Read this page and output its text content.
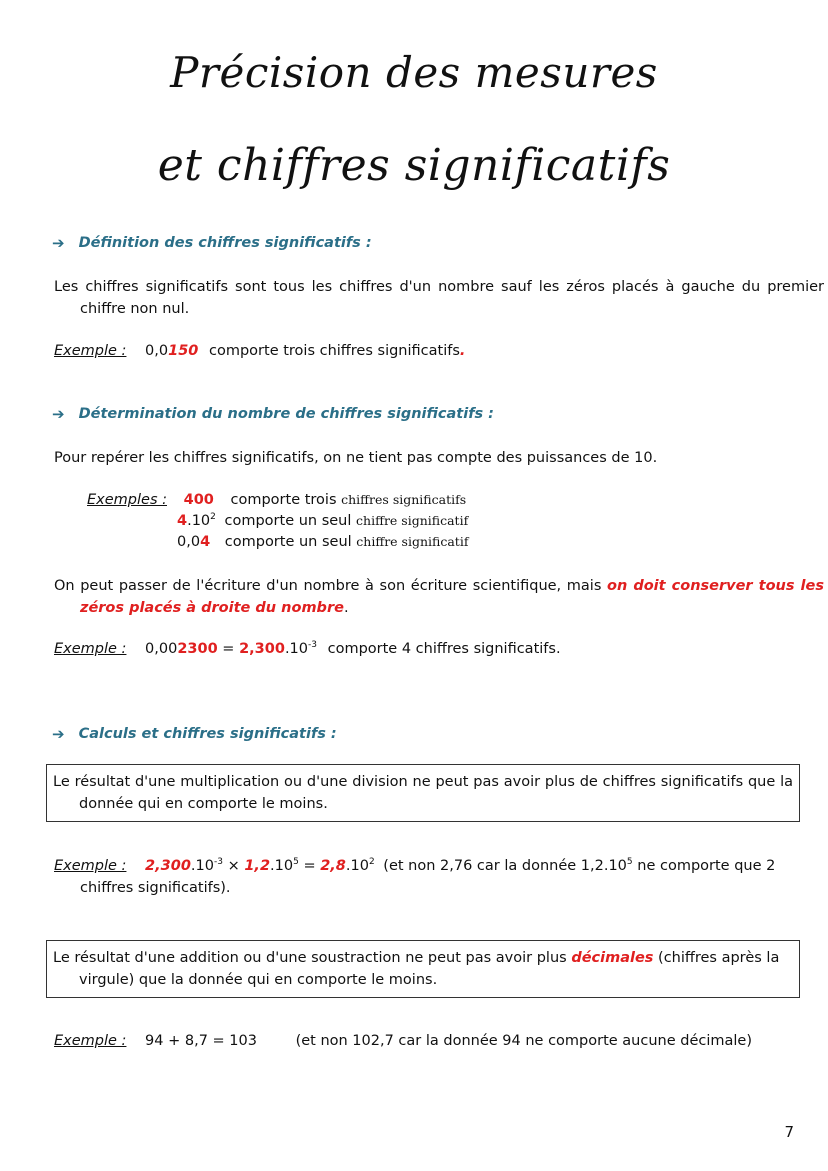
Précision des mesures
et chiffres significatifs
➔ Définition des chiffres significatifs :
Les chiffres significatifs sont tous les chiffres d'un nombre sauf les zéros placés à gauche du premier chiffre non nul.
Exemple : 0,0150 comporte trois chiffres significatifs.
➔ Détermination du nombre de chiffres significatifs :
Pour repérer les chiffres significatifs, on ne tient pas compte des puissances de 10.
Exemples : 400 comporte trois chiffres significatifs
4.10$^2$ comporte un seul chiffre significatif
0,04 comporte un seul chiffre significatif
On peut passer de l'écriture d'un nombre à son écriture scientifique, mais on doit conserver tous les zéros placés à droite du nombre.
Exemple : $0,002300 = 2,300.10^{-3}$ comporte 4 chiffres significatifs.
➔ Calculs et chiffres significatifs :
Le résultat d'une multiplication ou d'une division ne peut pas avoir plus de chiffres significatifs que la donnée qui en comporte le moins.
Exemple : $2,300.10^{-3} \times 1,2.10^5 = 2,8.10^2$ (et non 2,76 car la donnée 1,2.10$^5$ ne comporte que 2 chiffres significatifs).
Le résultat d'une addition ou d'une soustraction ne peut pas avoir plus décimales (chiffres après la virgule) que la donnée qui en comporte le moins.
Exemple : 94 + 8,7 = 103	(et non 102,7 car la donnée 94 ne comporte aucune décimale)
7
